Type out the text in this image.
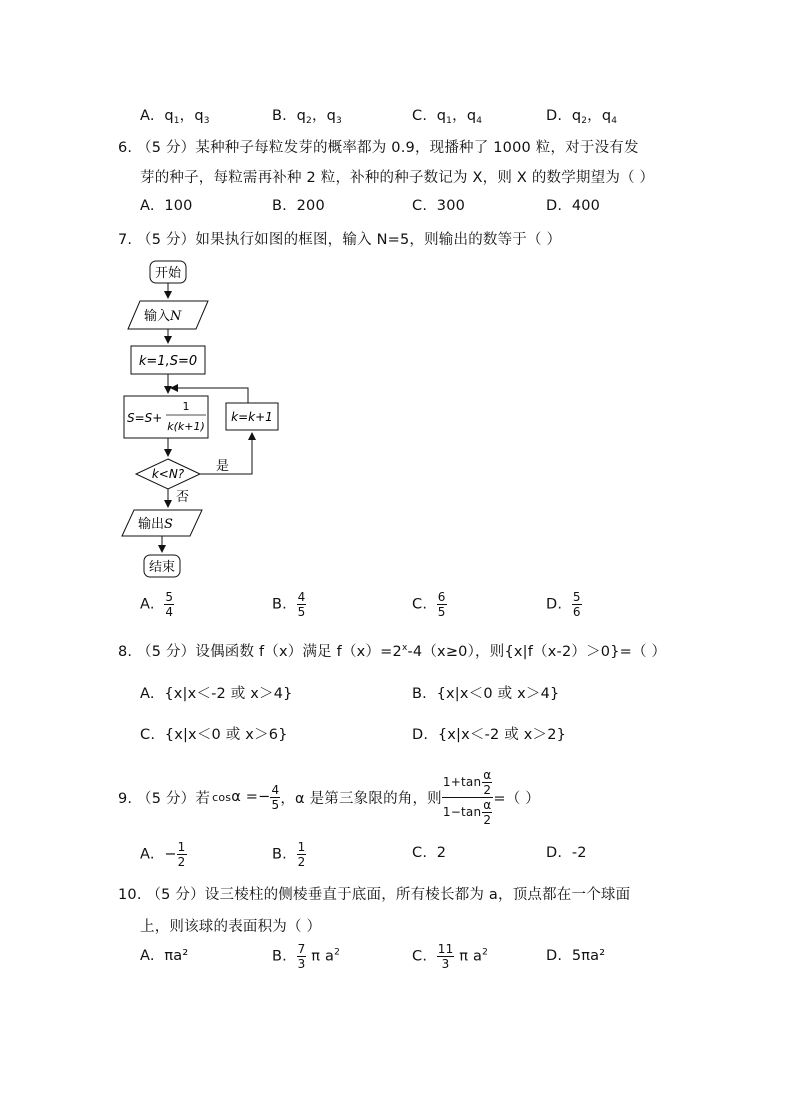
A. $q_1$，$q_3$	B. $q_2$，$q_3$	C. $q_1$，$q_4$	D. $q_2$，$q_4$
6. （5 分）某种种子每粒发芽的概率都为 0.9，现播种了 1000 粒，对于没有发
芽的种子，每粒需再补种 2 粒，补种的种子数记为 X，则 X 的数学期望为（ ）
A. 100	B. 200	C. 300	D. 400
7. （5 分）如果执行如图的框图，输入 N=5，则输出的数等于（ ）
开始
输入N
k=1,S=0
S=S+
1
k(k+1)
k=k+1
k<N? 是
否
输出S
结束
A. $\frac{5}{4}$	B. $\frac{4}{5}$	C. $\frac{6}{5}$	D. $\frac{5}{6}$
8. （5 分）设偶函数 f（x）满足 $f(x)=2^x-4(x\ge 0)$，则{x|f（x-2）＞0}=（ ）
A. {x|x＜-2 或 x＞4}	B. {x|x＜0 或 x＞4}
C. {x|x＜0 或 x＞6}	D. {x|x＜-2 或 x＞2}
9. （5 分）若 $\cos \alpha =- \frac{4}{5}$ ，α 是第三象限的角，则 $\frac{1+\tan \frac{\alpha}{2}}{1-\tan \frac{\alpha}{2}}$ =（ ）
A. − $\frac{1}{2}$	B. $\frac{1}{2}$	C. 2	D. -2
10. （5 分）设三棱柱的侧棱垂直于底面，所有棱长都为 a，顶点都在一个球面
上，则该球的表面积为（ ）
A. πa²	B. $\frac{7}{3}$ π $a^2$	C. $\frac{11}{3}$ π $a^2$	D. 5πa²
